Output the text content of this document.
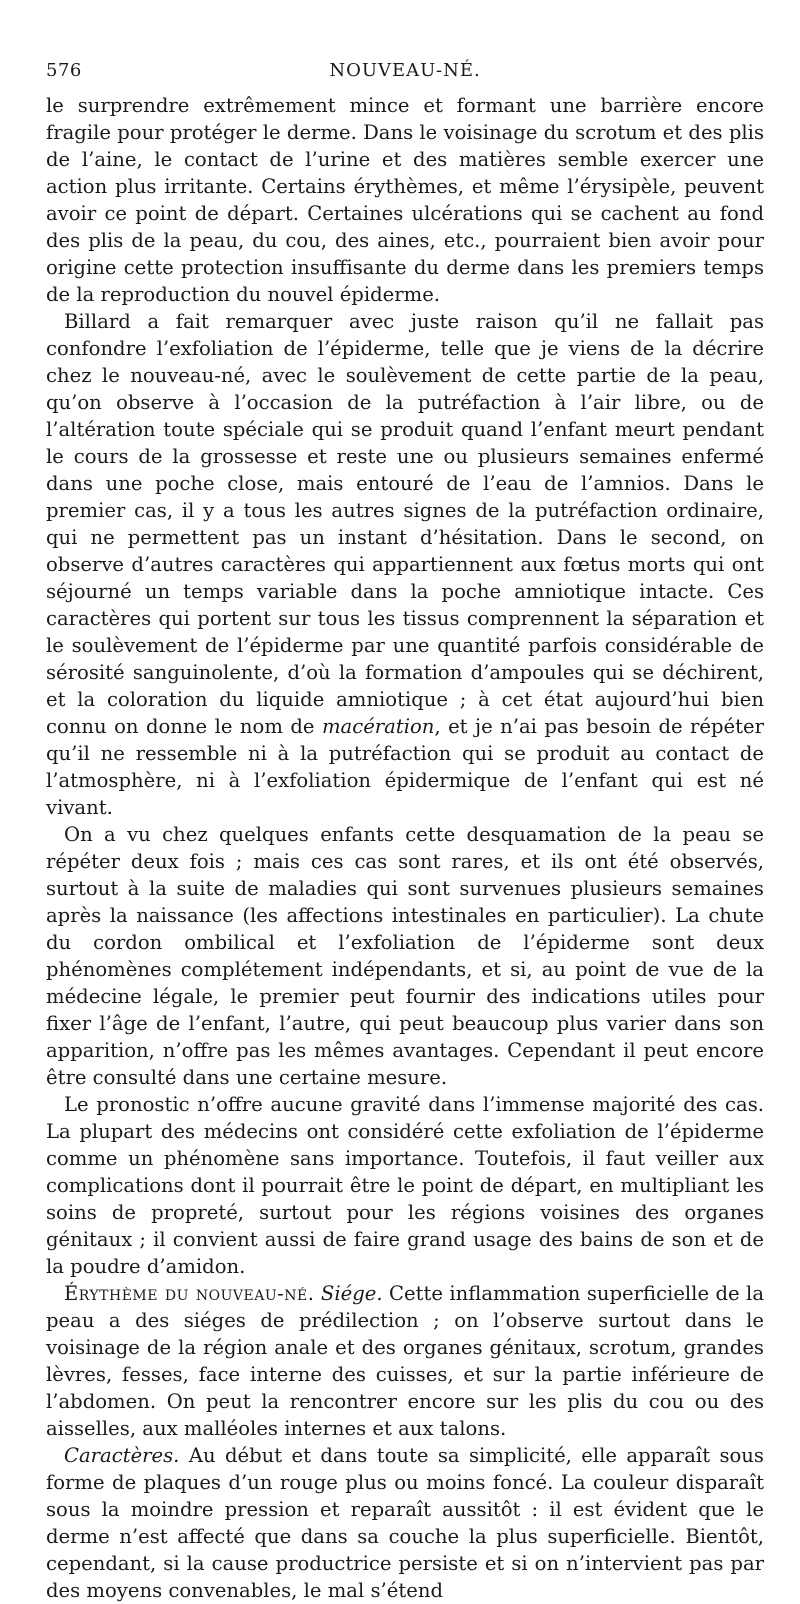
576	NOUVEAU-NÉ.

le surprendre extrêmement mince et formant une barrière encore fragile pour protéger le derme. Dans le voisinage du scrotum et des plis de l’aine, le contact de l’urine et des matières semble exercer une action plus irritante. Certains érythèmes, et même l’érysipèle, peuvent avoir ce point de départ. Certaines ulcérations qui se cachent au fond des plis de la peau, du cou, des aines, etc., pourraient bien avoir pour origine cette protection insuffisante du derme dans les premiers temps de la reproduction du nouvel épiderme.

Billard a fait remarquer avec juste raison qu’il ne fallait pas confondre l’exfoliation de l’épiderme, telle que je viens de la décrire chez le nouveau-né, avec le soulèvement de cette partie de la peau, qu’on observe à l’occasion de la putréfaction à l’air libre, ou de l’altération toute spéciale qui se produit quand l’enfant meurt pendant le cours de la grossesse et reste une ou plusieurs semaines enfermé dans une poche close, mais entouré de l’eau de l’amnios. Dans le premier cas, il y a tous les autres signes de la putréfaction ordinaire, qui ne permettent pas un instant d’hésitation. Dans le second, on observe d’autres caractères qui appartiennent aux fœtus morts qui ont séjourné un temps variable dans la poche amniotique intacte. Ces caractères qui portent sur tous les tissus comprennent la séparation et le soulèvement de l’épiderme par une quantité parfois considérable de sérosité sanguinolente, d’où la formation d’ampoules qui se déchirent, et la coloration du liquide amniotique ; à cet état aujourd’hui bien connu on donne le nom de macération, et je n’ai pas besoin de répéter qu’il ne ressemble ni à la putréfaction qui se produit au contact de l’atmosphère, ni à l’exfoliation épidermique de l’enfant qui est né vivant.

On a vu chez quelques enfants cette desquamation de la peau se répéter deux fois ; mais ces cas sont rares, et ils ont été observés, surtout à la suite de maladies qui sont survenues plusieurs semaines après la naissance (les affections intestinales en particulier). La chute du cordon ombilical et l’exfoliation de l’épiderme sont deux phénomènes complétement indépendants, et si, au point de vue de la médecine légale, le premier peut fournir des indications utiles pour fixer l’âge de l’enfant, l’autre, qui peut beaucoup plus varier dans son apparition, n’offre pas les mêmes avantages. Cependant il peut encore être consulté dans une certaine mesure.

Le pronostic n’offre aucune gravité dans l’immense majorité des cas. La plupart des médecins ont considéré cette exfoliation de l’épiderme comme un phénomène sans importance. Toutefois, il faut veiller aux complications dont il pourrait être le point de départ, en multipliant les soins de propreté, surtout pour les régions voisines des organes génitaux ; il convient aussi de faire grand usage des bains de son et de la poudre d’amidon.

Érythème du nouveau-né. Siége. Cette inflammation superficielle de la peau a des siéges de prédilection ; on l’observe surtout dans le voisinage de la région anale et des organes génitaux, scrotum, grandes lèvres, fesses, face interne des cuisses, et sur la partie inférieure de l’abdomen. On peut la rencontrer encore sur les plis du cou ou des aisselles, aux malléoles internes et aux talons.

Caractères. Au début et dans toute sa simplicité, elle apparaît sous forme de plaques d’un rouge plus ou moins foncé. La couleur disparaît sous la moindre pression et reparaît aussitôt : il est évident que le derme n’est affecté que dans sa couche la plus superficielle. Bientôt, cependant, si la cause productrice persiste et si on n’intervient pas par des moyens convenables, le mal s’étend
